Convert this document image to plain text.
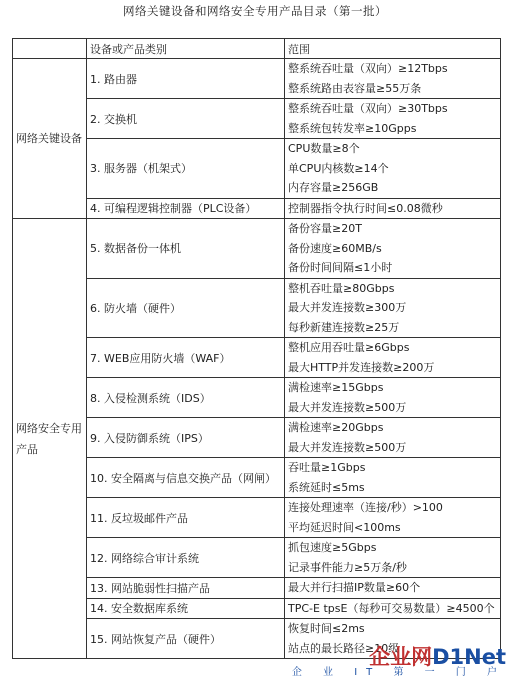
网络关键设备和网络安全专用产品目录（第一批）
	设备或产品类别	范围
网络关键设备	1. 路由器	整系统吞吐量（双向）≥12Tbps
整系统路由表容量≥55万条

	2. 交换机	整系统吞吐量（双向）≥30Tbps
整系统包转发率≥10Gpps

	3. 服务器（机架式）	CPU数量≥8个
单CPU内核数≥14个
内存容量≥256GB

	4. 可编程逻辑控制器（PLC设备）	控制器指令执行时间≤0.08微秒

网络安全专用产品	5. 数据备份一体机	备份容量≥20T
备份速度≥60MB/s
备份时间间隔≤1小时

	6. 防火墙（硬件）	整机吞吐量≥80Gbps
最大并发连接数≥300万
每秒新建连接数≥25万

	7. WEB应用防火墙（WAF）	整机应用吞吐量≥6Gbps
最大HTTP并发连接数≥200万

	8. 入侵检测系统（IDS）	满检速率≥15Gbps
最大并发连接数≥500万

	9. 入侵防御系统（IPS）	满检速率≥20Gbps
最大并发连接数≥500万

	10. 安全隔离与信息交换产品（网闸）	吞吐量≥1Gbps
系统延时≤5ms

	11. 反垃圾邮件产品	连接处理速率（连接/秒）>100
平均延迟时间<100ms

	12. 网络综合审计系统	抓包速度≥5Gbps
记录事件能力≥5万条/秒

	13. 网站脆弱性扫描产品	最大并行扫描IP数量≥60个

	14. 安全数据库系统	TPC-E tpsE（每秒可交易数量）≥4500个

	15. 网站恢复产品（硬件）	恢复时间≤2ms
站点的最长路径≥10级
企业网D1Net
企 业 IT 第 一 门 户
